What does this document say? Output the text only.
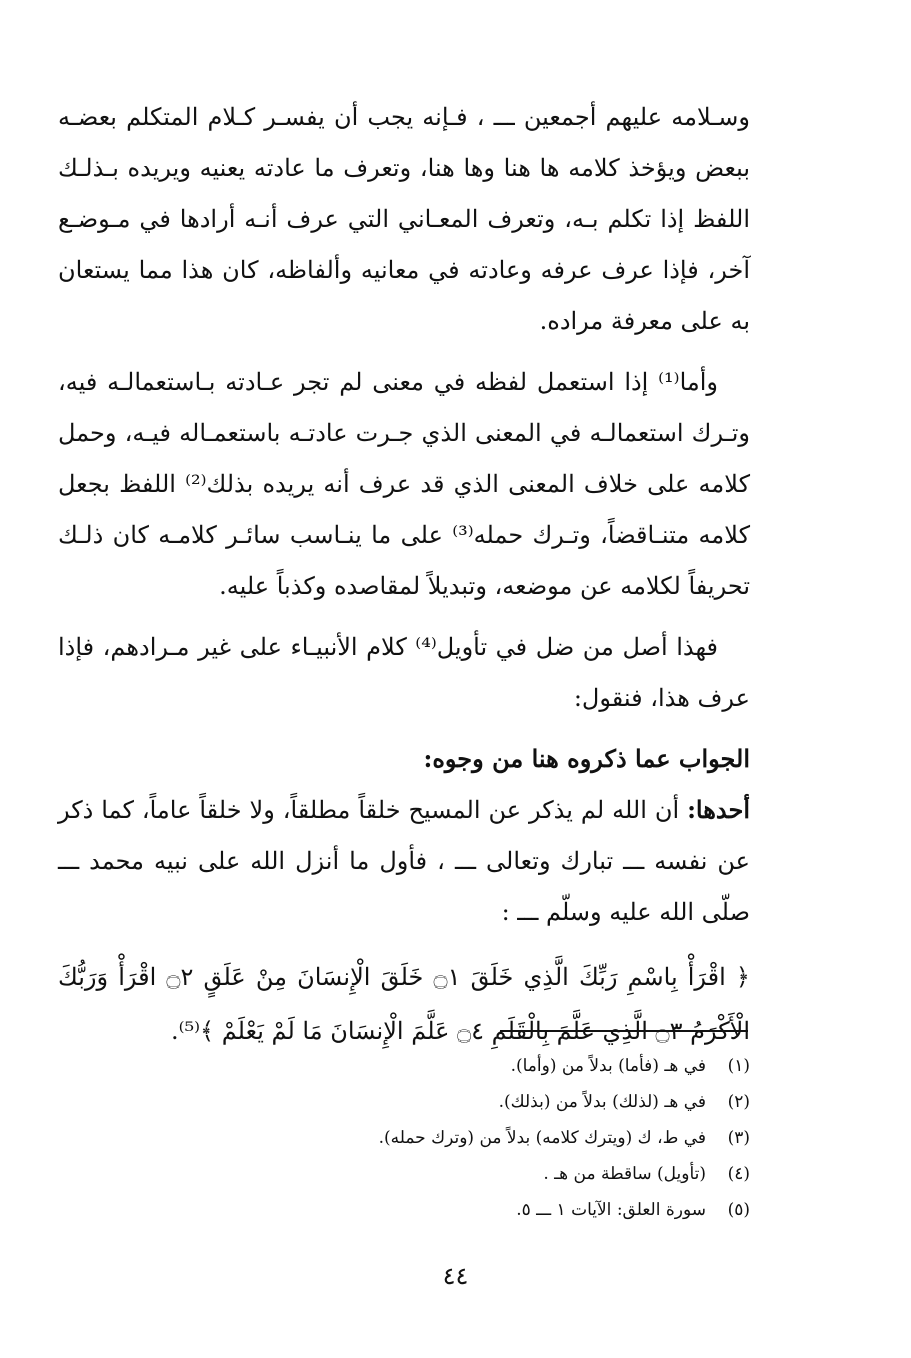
وسـلامه عليهم أجمعين ـــ ، فـإنه يجب أن يفسـر كـلام المتكلم بعضـه ببعض ويؤخذ كلامه ها هنا وها هنا، وتعرف ما عادته يعنيه ويريده بـذلـك اللفظ إذا تكلم بـه، وتعرف المعـاني التي عرف أنـه أرادها في مـوضـع آخر، فإذا عرف عرفه وعادته في معانيه وألفاظه، كان هذا مما يستعان به على معرفة مراده.

وأما⁽¹⁾ إذا استعمل لفظه في معنى لم تجر عـادته بـاستعمالـه فيه، وتـرك استعمالـه في المعنى الذي جـرت عادتـه باستعمـاله فيـه، وحمل كلامه على خلاف المعنى الذي قد عرف أنه يريده بذلك⁽²⁾ اللفظ بجعل كلامه متنـاقضاً، وتـرك حمله⁽³⁾ على ما ينـاسب سائـر كلامـه كان ذلـك تحريفاً لكلامه عن موضعه، وتبديلاً لمقاصده وكذباً عليه.

فهذا أصل من ضل في تأويل⁽⁴⁾ كلام الأنبيـاء على غير مـرادهم، فإذا عرف هذا، فنقول:

الجواب عما ذكروه هنا من وجوه:

أحدها: أن الله لم يذكر عن المسيح خلقاً مطلقاً، ولا خلقاً عاماً، كما ذكر عن نفسه ـــ تبارك وتعالى ـــ ، فأول ما أنزل الله على نبيه محمد ـــ صلّى الله عليه وسلّم ـــ :

﴿ اقْرَأْ بِاسْمِ رَبِّكَ الَّذِي خَلَقَ ۝١ خَلَقَ الْإِنسَانَ مِنْ عَلَقٍ ۝٢ اقْرَأْ وَرَبُّكَ الْأَكْرَمُ ۝٣ الَّذِي عَلَّمَ بِالْقَلَمِ ۝٤ عَلَّمَ الْإِنسَانَ مَا لَمْ يَعْلَمْ ﴾⁽⁵⁾.

(١)
في هـ (فأما) بدلاً من (وأما).
(٢)
في هـ (لذلك) بدلاً من (بذلك).
(٣)
في ط، ك (ويترك كلامه) بدلاً من (وترك حمله).
(٤)
(تأويل) ساقطة من هـ .
(٥)
سورة العلق: الآيات ١ ـــ ٥.
٤٤
